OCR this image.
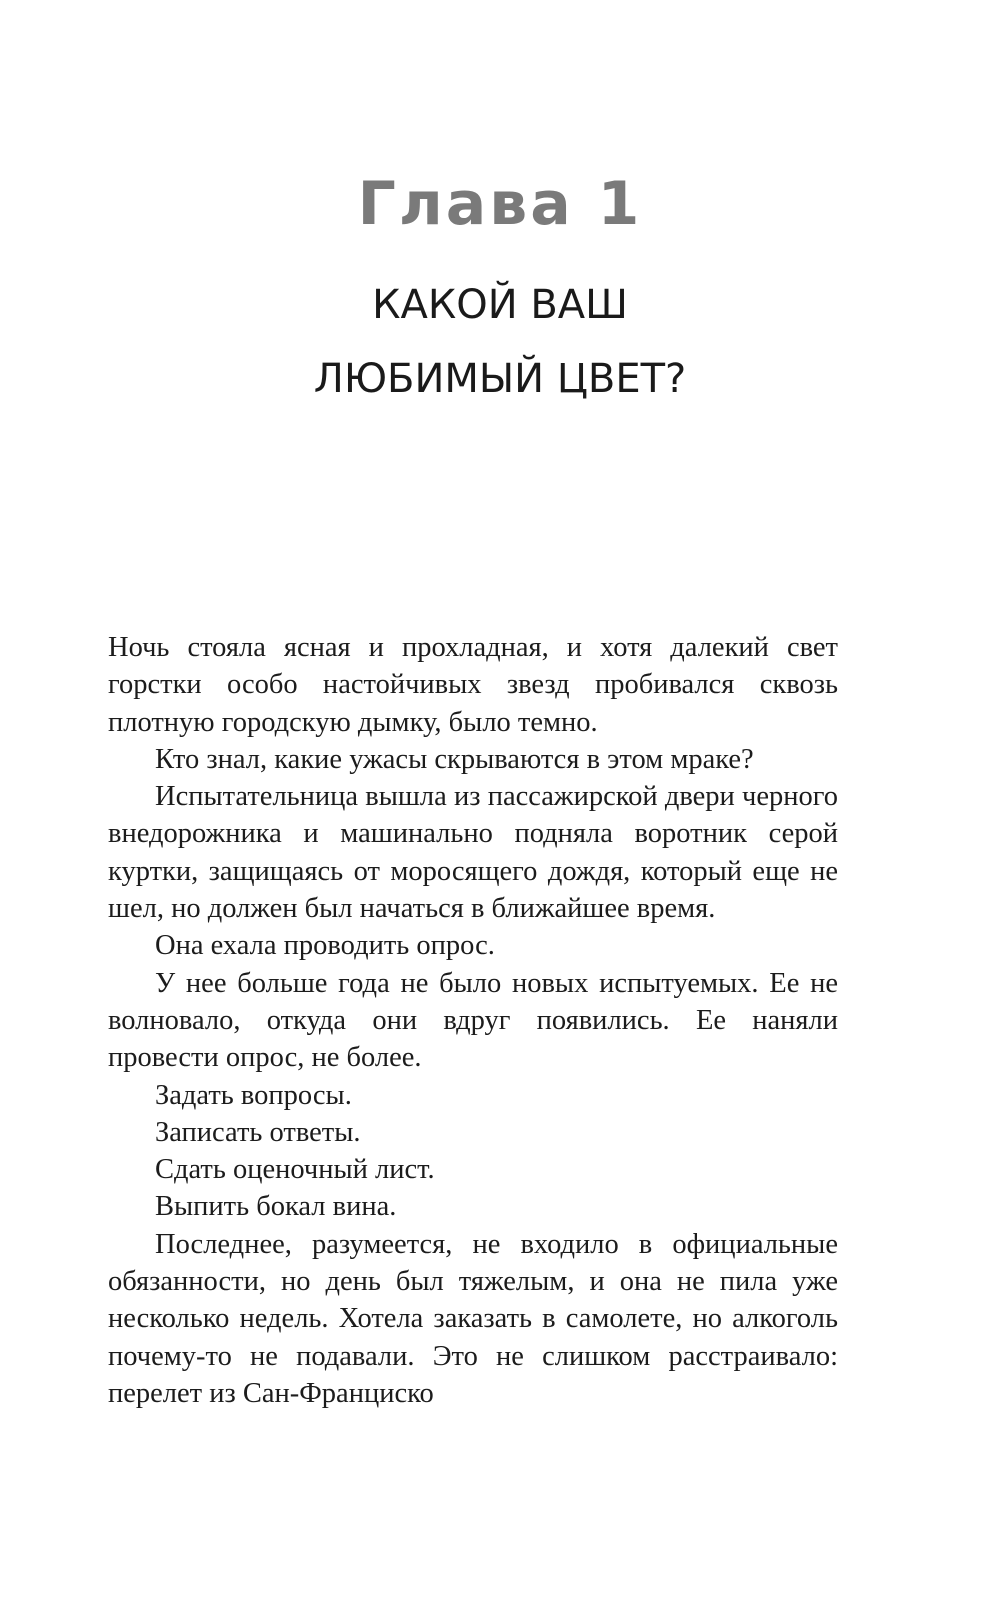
Глава 1
КАКОЙ ВАШ
ЛЮБИМЫЙ ЦВЕТ?

Ночь стояла ясная и прохладная, и хотя далекий свет горстки особо настойчивых звезд пробивался сквозь плотную городскую дымку, было темно.

Кто знал, какие ужасы скрываются в этом мраке?

Испытательница вышла из пассажирской двери черного внедорожника и машинально подняла воротник серой куртки, защищаясь от моросящего дождя, который еще не шел, но должен был начаться в ближайшее время.

Она ехала проводить опрос.

У нее больше года не было новых испытуемых. Ее не волновало, откуда они вдруг появились. Ее наняли провести опрос, не более.

Задать вопросы.

Записать ответы.

Сдать оценочный лист.

Выпить бокал вина.

Последнее, разумеется, не входило в официальные обязанности, но день был тяжелым, и она не пила уже несколько недель. Хотела заказать в самолете, но алкоголь почему-то не подавали. Это не слишком расстраивало: перелет из Сан-Франциско
